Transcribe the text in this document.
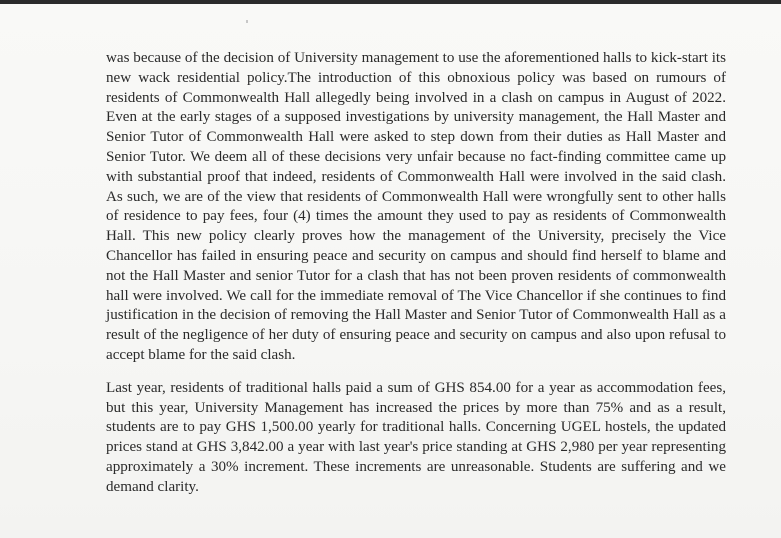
was because of the decision of University management to use the aforementioned halls to kick-start its new wack residential policy.The introduction of this obnoxious policy was based on rumours of residents of Commonwealth Hall allegedly being involved in a clash on campus in August of 2022. Even at the early stages of a supposed investigations by university management, the Hall Master and Senior Tutor of Commonwealth Hall were asked to step down from their duties as Hall Master and Senior Tutor. We deem all of these decisions very unfair because no fact-finding committee came up with substantial proof that indeed, residents of Commonwealth Hall were involved in the said clash. As such, we are of the view that residents of Commonwealth Hall were wrongfully sent to other halls of residence to pay fees, four (4) times the amount they used to pay as residents of Commonwealth Hall. This new policy clearly proves how the management of the University, precisely the Vice Chancellor has failed in ensuring peace and security on campus and should find herself to blame and not the Hall Master and senior Tutor for a clash that has not been proven residents of commonwealth hall were involved. We call for the immediate removal of The Vice Chancellor if she continues to find justification in the decision of removing the Hall Master and Senior Tutor of Commonwealth Hall as a result of the negligence of her duty of ensuring peace and security on campus and also upon refusal to accept blame for the said clash.

Last year, residents of traditional halls paid a sum of GHS 854.00 for a year as accommodation fees, but this year, University Management has increased the prices by more than 75% and as a result, students are to pay GHS 1,500.00 yearly for traditional halls. Concerning UGEL hostels, the updated prices stand at GHS 3,842.00 a year with last year's price standing at GHS 2,980 per year representing approximately a 30% increment. These increments are unreasonable. Students are suffering and we demand clarity.
